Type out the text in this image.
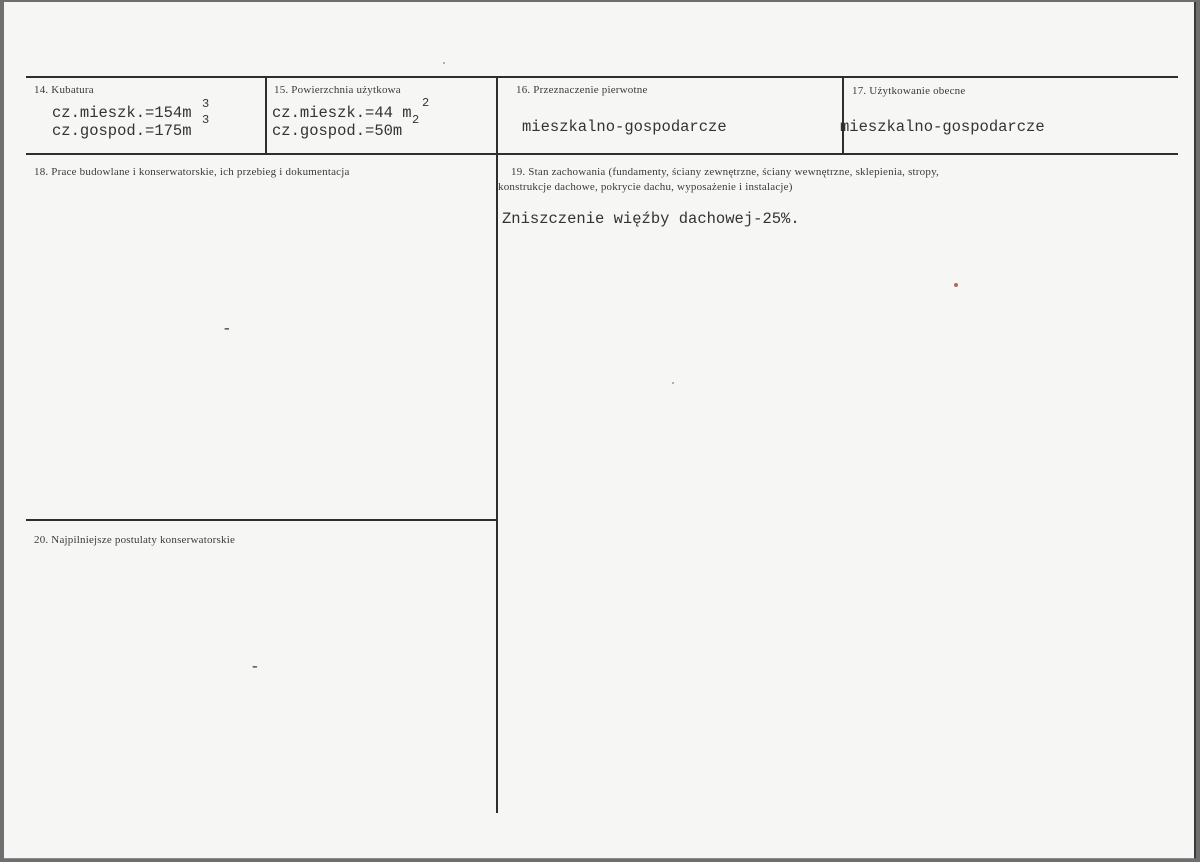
14. Kubatura
cz.mieszk.=154m 3
cz.gospod.=175m
3
15. Powierzchnia użytkowa
cz.mieszk.=44 m
2
cz.gospod.=50m
2
16. Przeznaczenie pierwotne
mieszkalno-gospodarcze
17. Użytkowanie obecne
mieszkalno-gospodarcze
18. Prace budowlane i konserwatorskie, ich przebieg i dokumentacja
-
19. Stan zachowania (fundamenty, ściany zewnętrzne, ściany wewnętrzne, sklepienia, stropy,
konstrukcje dachowe, pokrycie dachu, wyposażenie i instalacje)
Zniszczenie więźby dachowej-25%.
20. Najpilniejsze postulaty konserwatorskie
-
